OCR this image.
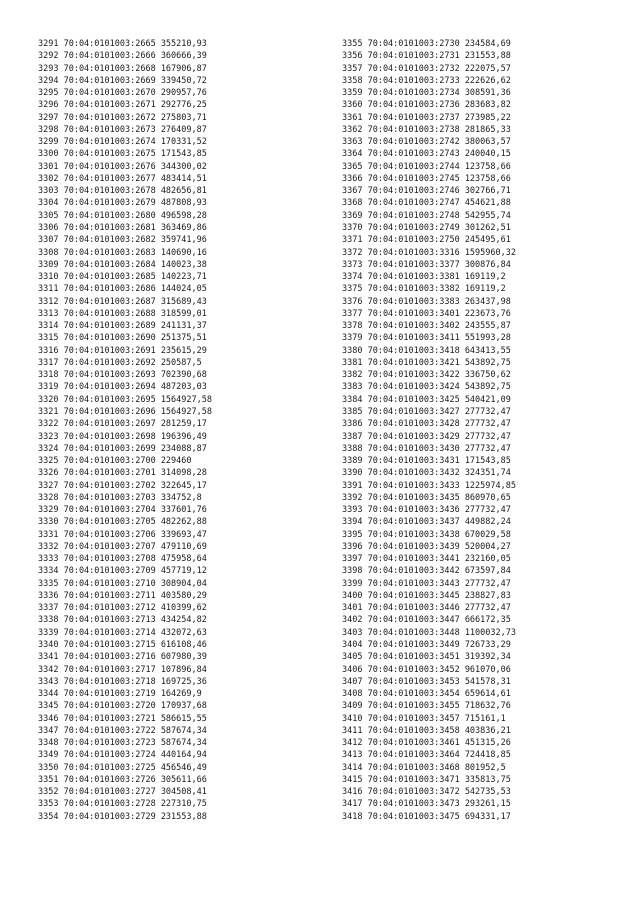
3291 70:04:0101003:2665 355210,93
3292 70:04:0101003:2666 360666,39
3293 70:04:0101003:2668 167906,87
3294 70:04:0101003:2669 339450,72
3295 70:04:0101003:2670 290957,76
3296 70:04:0101003:2671 292776,25
3297 70:04:0101003:2672 275803,71
3298 70:04:0101003:2673 276409,87
3299 70:04:0101003:2674 170331,52
3300 70:04:0101003:2675 171543,85
3301 70:04:0101003:2676 344300,02
3302 70:04:0101003:2677 483414,51
3303 70:04:0101003:2678 482656,81
3304 70:04:0101003:2679 487808,93
3305 70:04:0101003:2680 496598,28
3306 70:04:0101003:2681 363469,86
3307 70:04:0101003:2682 359741,96
3308 70:04:0101003:2683 140690,16
3309 70:04:0101003:2684 140023,38
3310 70:04:0101003:2685 140223,71
3311 70:04:0101003:2686 144024,05
3312 70:04:0101003:2687 315689,43
3313 70:04:0101003:2688 318599,01
3314 70:04:0101003:2689 241131,37
3315 70:04:0101003:2690 251375,51
3316 70:04:0101003:2691 235615,29
3317 70:04:0101003:2692 250587,5
3318 70:04:0101003:2693 702390,68
3319 70:04:0101003:2694 487203,03
3320 70:04:0101003:2695 1564927,58
3321 70:04:0101003:2696 1564927,58
3322 70:04:0101003:2697 281259,17
3323 70:04:0101003:2698 196396,49
3324 70:04:0101003:2699 234088,87
3325 70:04:0101003:2700 229460
3326 70:04:0101003:2701 314098,28
3327 70:04:0101003:2702 322645,17
3328 70:04:0101003:2703 334752,8
3329 70:04:0101003:2704 337601,76
3330 70:04:0101003:2705 482262,88
3331 70:04:0101003:2706 339693,47
3332 70:04:0101003:2707 479110,69
3333 70:04:0101003:2708 475958,64
3334 70:04:0101003:2709 457719,12
3335 70:04:0101003:2710 308904,04
3336 70:04:0101003:2711 403580,29
3337 70:04:0101003:2712 410399,62
3338 70:04:0101003:2713 434254,82
3339 70:04:0101003:2714 432072,63
3340 70:04:0101003:2715 616108,46
3341 70:04:0101003:2716 607980,39
3342 70:04:0101003:2717 107896,84
3343 70:04:0101003:2718 169725,36
3344 70:04:0101003:2719 164269,9
3345 70:04:0101003:2720 170937,68
3346 70:04:0101003:2721 586615,55
3347 70:04:0101003:2722 587674,34
3348 70:04:0101003:2723 587674,34
3349 70:04:0101003:2724 440164,94
3350 70:04:0101003:2725 456546,49
3351 70:04:0101003:2726 305611,66
3352 70:04:0101003:2727 304508,41
3353 70:04:0101003:2728 227310,75
3354 70:04:0101003:2729 231553,88
3355 70:04:0101003:2730 234584,69
3356 70:04:0101003:2731 231553,88
3357 70:04:0101003:2732 222075,57
3358 70:04:0101003:2733 222626,62
3359 70:04:0101003:2734 308591,36
3360 70:04:0101003:2736 283683,82
3361 70:04:0101003:2737 273985,22
3362 70:04:0101003:2738 281865,33
3363 70:04:0101003:2742 380063,57
3364 70:04:0101003:2743 240040,15
3365 70:04:0101003:2744 123758,66
3366 70:04:0101003:2745 123758,66
3367 70:04:0101003:2746 302766,71
3368 70:04:0101003:2747 454621,88
3369 70:04:0101003:2748 542955,74
3370 70:04:0101003:2749 301262,51
3371 70:04:0101003:2750 245495,61
3372 70:04:0101003:3316 1595960,32
3373 70:04:0101003:3377 300876,84
3374 70:04:0101003:3381 169119,2
3375 70:04:0101003:3382 169119,2
3376 70:04:0101003:3383 263437,98
3377 70:04:0101003:3401 223673,76
3378 70:04:0101003:3402 243555,87
3379 70:04:0101003:3411 551993,28
3380 70:04:0101003:3418 643413,55
3381 70:04:0101003:3421 543892,75
3382 70:04:0101003:3422 336750,62
3383 70:04:0101003:3424 543892,75
3384 70:04:0101003:3425 540421,09
3385 70:04:0101003:3427 277732,47
3386 70:04:0101003:3428 277732,47
3387 70:04:0101003:3429 277732,47
3388 70:04:0101003:3430 277732,47
3389 70:04:0101003:3431 171543,85
3390 70:04:0101003:3432 324351,74
3391 70:04:0101003:3433 1225974,85
3392 70:04:0101003:3435 860970,65
3393 70:04:0101003:3436 277732,47
3394 70:04:0101003:3437 449882,24
3395 70:04:0101003:3438 670029,58
3396 70:04:0101003:3439 520004,27
3397 70:04:0101003:3441 232160,05
3398 70:04:0101003:3442 673597,84
3399 70:04:0101003:3443 277732,47
3400 70:04:0101003:3445 238827,83
3401 70:04:0101003:3446 277732,47
3402 70:04:0101003:3447 666172,35
3403 70:04:0101003:3448 1100032,73
3404 70:04:0101003:3449 726733,29
3405 70:04:0101003:3451 319392,34
3406 70:04:0101003:3452 961070,06
3407 70:04:0101003:3453 541578,31
3408 70:04:0101003:3454 659614,61
3409 70:04:0101003:3455 718632,76
3410 70:04:0101003:3457 715161,1
3411 70:04:0101003:3458 403836,21
3412 70:04:0101003:3461 451315,26
3413 70:04:0101003:3464 724418,85
3414 70:04:0101003:3468 801952,5
3415 70:04:0101003:3471 335813,75
3416 70:04:0101003:3472 542735,53
3417 70:04:0101003:3473 293261,15
3418 70:04:0101003:3475 694331,17
